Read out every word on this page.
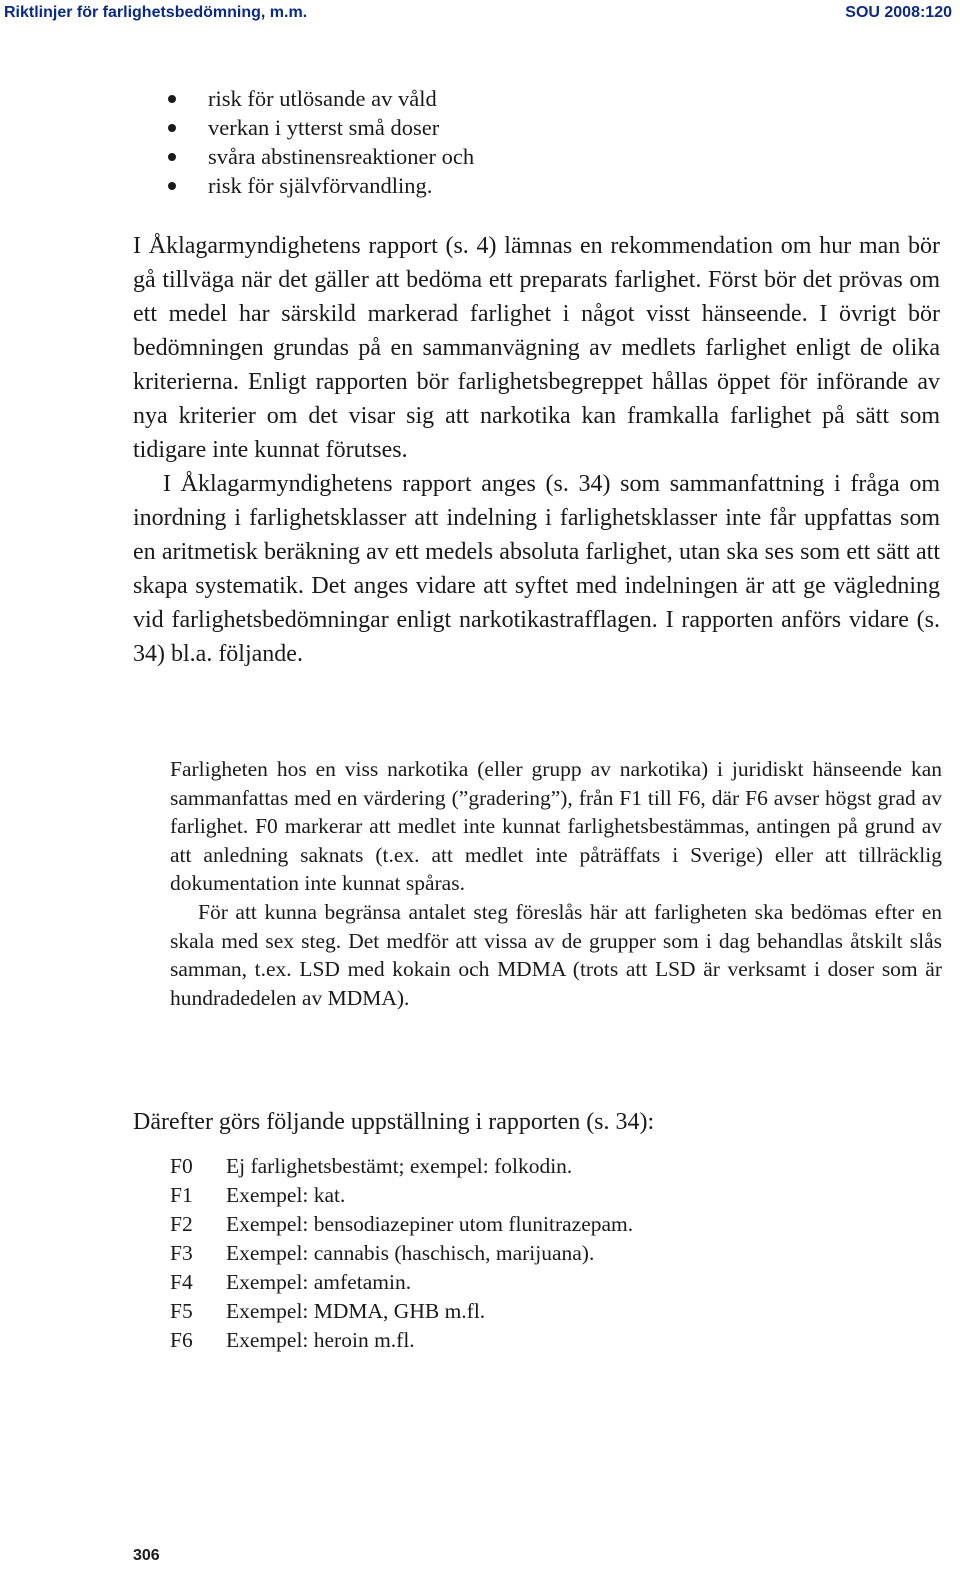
Riktlinjer för farlighetsbedömning, m.m.	SOU 2008:120
risk för utlösande av våld
verkan i ytterst små doser
svåra abstinensreaktioner och
risk för självförvandling.

I Åklagarmyndighetens rapport (s. 4) lämnas en rekommendation om hur man bör gå tillväga när det gäller att bedöma ett preparats farlighet. Först bör det prövas om ett medel har särskild markerad farlighet i något visst hänseende. I övrigt bör bedömningen grundas på en sammanvägning av medlets farlighet enligt de olika kriterierna. Enligt rapporten bör farlighetsbegreppet hållas öppet för införande av nya kriterier om det visar sig att narkotika kan framkalla farlighet på sätt som tidigare inte kunnat förutses.

I Åklagarmyndighetens rapport anges (s. 34) som sammanfattning i fråga om inordning i farlighetsklasser att indelning i farlighetsklasser inte får uppfattas som en aritmetisk beräkning av ett medels absoluta farlighet, utan ska ses som ett sätt att skapa systematik. Det anges vidare att syftet med indelningen är att ge vägledning vid farlighetsbedömningar enligt narkotikastrafflagen. I rapporten anförs vidare (s. 34) bl.a. följande.

Farligheten hos en viss narkotika (eller grupp av narkotika) i juridiskt hänseende kan sammanfattas med en värdering (”gradering”), från F1 till F6, där F6 avser högst grad av farlighet. F0 markerar att medlet inte kunnat farlighetsbestämmas, antingen på grund av att anledning saknats (t.ex. att medlet inte påträffats i Sverige) eller att tillräcklig dokumentation inte kunnat spåras.

För att kunna begränsa antalet steg föreslås här att farligheten ska bedömas efter en skala med sex steg. Det medför att vissa av de grupper som i dag behandlas åtskilt slås samman, t.ex. LSD med kokain och MDMA (trots att LSD är verksamt i doser som är hundradedelen av MDMA).

Därefter görs följande uppställning i rapporten (s. 34):

F0	Ej farlighetsbestämt; exempel: folkodin.
F1	Exempel: kat.
F2	Exempel: bensodiazepiner utom flunitrazepam.
F3	Exempel: cannabis (haschisch, marijuana).
F4	Exempel: amfetamin.
F5	Exempel: MDMA, GHB m.fl.
F6	Exempel: heroin m.fl.
306
